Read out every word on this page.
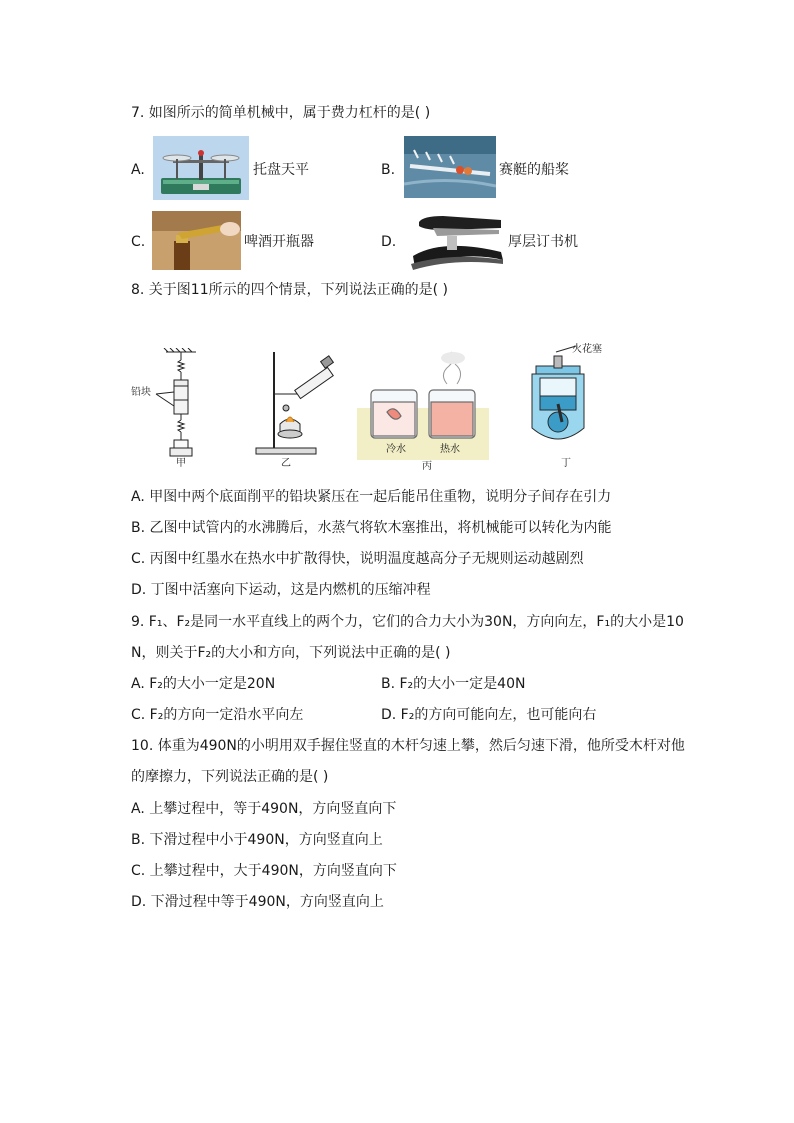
7. 如图所示的简单机械中，属于费力杠杆的是( )
A.	托盘天平	B.	赛艇的船桨
C.	啤酒开瓶器	D.	厚层订书机
8. 关于图11所示的四个情景，下列说法正确的是( )
铅块
甲	乙
冷水	热水
丙
火花塞
丁
A. 甲图中两个底面削平的铅块紧压在一起后能吊住重物，说明分子间存在引力
B. 乙图中试管内的水沸腾后，水蒸气将软木塞推出，将机械能可以转化为内能
C. 丙图中红墨水在热水中扩散得快，说明温度越高分子无规则运动越剧烈
D. 丁图中活塞向下运动，这是内燃机的压缩冲程
9. F₁、F₂是同一水平直线上的两个力，它们的合力大小为30N，方向向左，F₁的大小是10
N，则关于F₂的大小和方向，下列说法中正确的是( )
A. F₂的大小一定是20N	B. F₂的大小一定是40N
C. F₂的方向一定沿水平向左	D. F₂的方向可能向左，也可能向右
10. 体重为490N的小明用双手握住竖直的木杆匀速上攀，然后匀速下滑，他所受木杆对他
的摩擦力，下列说法正确的是( )
A. 上攀过程中，等于490N，方向竖直向下
B. 下滑过程中小于490N，方向竖直向上
C. 上攀过程中，大于490N，方向竖直向下
D. 下滑过程中等于490N，方向竖直向上
